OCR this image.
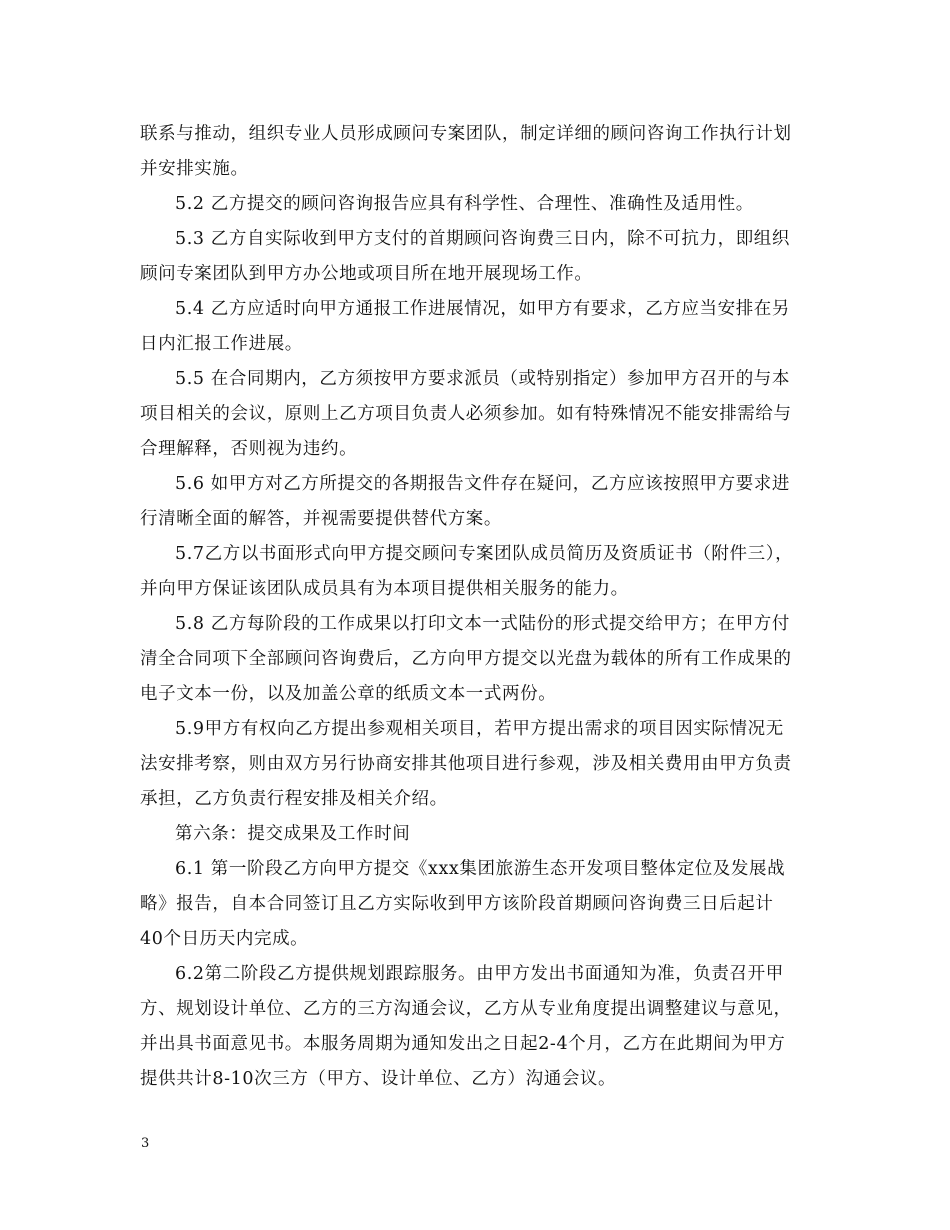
联系与推动，组织专业人员形成顾问专案团队，制定详细的顾问咨询工作执行计划
并安排实施。
5.2 乙方提交的顾问咨询报告应具有科学性、合理性、准确性及适用性。
5.3 乙方自实际收到甲方支付的首期顾问咨询费三日内，除不可抗力，即组织
顾问专案团队到甲方办公地或项目所在地开展现场工作。
5.4 乙方应适时向甲方通报工作进展情况，如甲方有要求，乙方应当安排在另
日内汇报工作进展。
5.5 在合同期内，乙方须按甲方要求派员（或特别指定）参加甲方召开的与本
项目相关的会议，原则上乙方项目负责人必须参加。如有特殊情况不能安排需给与
合理解释，否则视为违约。
5.6 如甲方对乙方所提交的各期报告文件存在疑问，乙方应该按照甲方要求进
行清晰全面的解答，并视需要提供替代方案。
5.7乙方以书面形式向甲方提交顾问专案团队成员简历及资质证书（附件三），
并向甲方保证该团队成员具有为本项目提供相关服务的能力。
5.8 乙方每阶段的工作成果以打印文本一式陆份的形式提交给甲方；在甲方付
清全合同项下全部顾问咨询费后，乙方向甲方提交以光盘为载体的所有工作成果的
电子文本一份，以及加盖公章的纸质文本一式两份。
5.9甲方有权向乙方提出参观相关项目，若甲方提出需求的项目因实际情况无
法安排考察，则由双方另行协商安排其他项目进行参观，涉及相关费用由甲方负责
承担，乙方负责行程安排及相关介绍。
第六条：提交成果及工作时间
6.1 第一阶段乙方向甲方提交《xxx集团旅游生态开发项目整体定位及发展战
略》报告，自本合同签订且乙方实际收到甲方该阶段首期顾问咨询费三日后起计
40个日历天内完成。
6.2第二阶段乙方提供规划跟踪服务。由甲方发出书面通知为准，负责召开甲
方、规划设计单位、乙方的三方沟通会议，乙方从专业角度提出调整建议与意见，
并出具书面意见书。本服务周期为通知发出之日起2-4个月，乙方在此期间为甲方
提供共计8-10次三方（甲方、设计单位、乙方）沟通会议。
3
